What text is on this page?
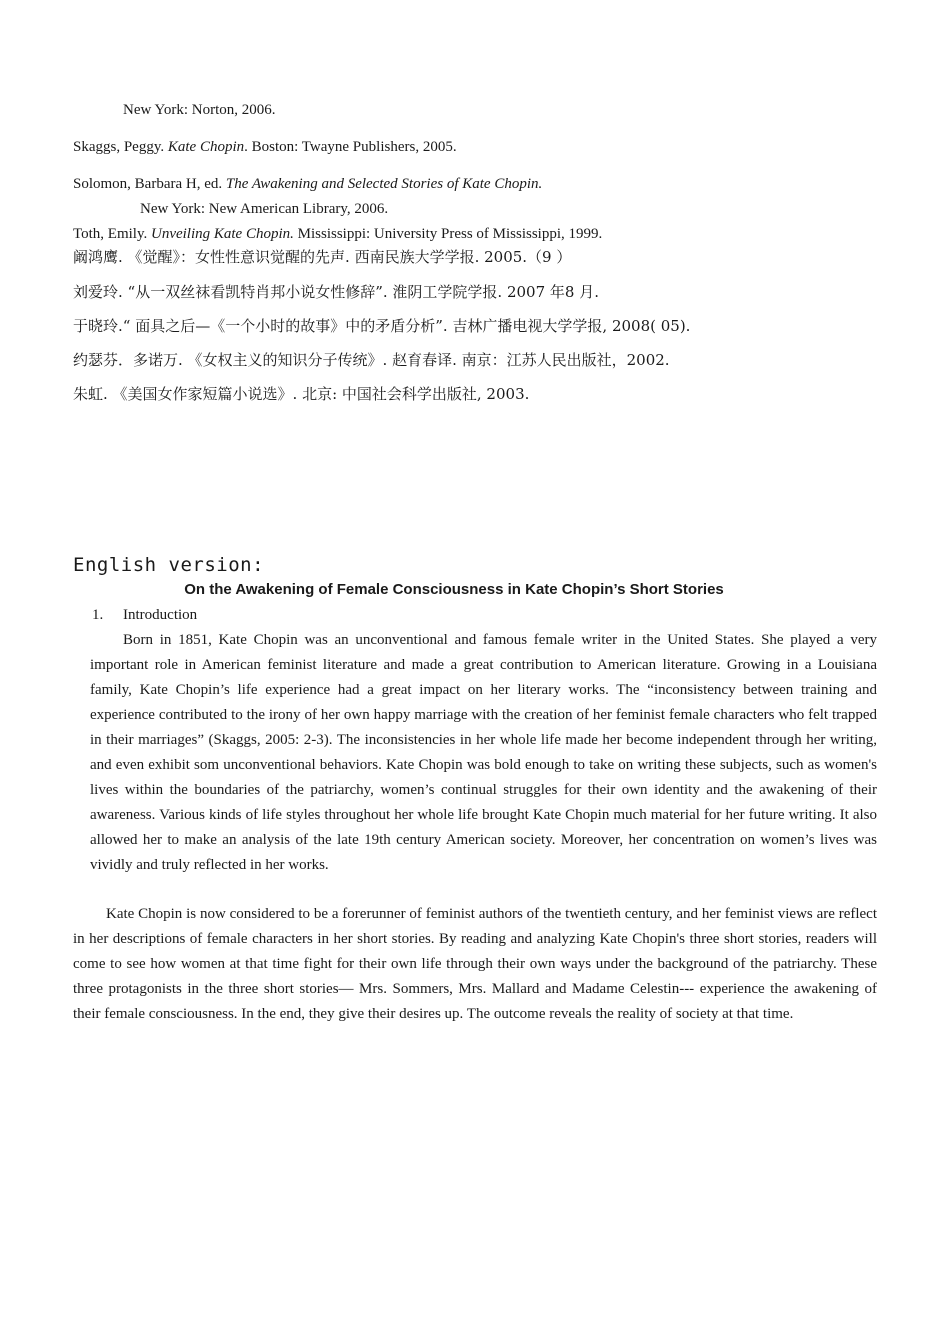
New York: Norton, 2006.
Skaggs, Peggy. Kate Chopin. Boston: Twayne Publishers, 2005.
Solomon, Barbara H, ed. The Awakening and Selected Stories of Kate Chopin.
New York: New American Library, 2006.
Toth, Emily. Unveiling Kate Chopin. Mississippi: University Press of Mississippi, 1999.
阚鸿鹰. 《觉醒》：女性性意识觉醒的先声. 西南民族大学学报. 2005.（9 ）
刘爱玲. “从一双丝袜看凯特肖邦小说女性修辞”. 淮阴工学院学报. 2007 年8 月.
于晓玲.“ 面具之后—《一个小时的故事》中的矛盾分析”. 吉林广播电视大学学报, 2008( 05).
约瑟芬．多诺万. 《女权主义的知识分子传统》. 赵育春译. 南京：江苏人民出版社，2002.
朱虹. 《美国女作家短篇小说选》. 北京: 中国社会科学出版社, 2003.
English version:
On the Awakening of Female Consciousness in Kate Chopin’s Short Stories
1. Introduction

Born in 1851, Kate Chopin was an unconventional and famous female writer in the United States. She played a very important role in American feminist literature and made a great contribution to American literature. Growing in a Louisiana family, Kate Chopin’s life experience had a great impact on her literary works. The “inconsistency between training and experience contributed to the irony of her own happy marriage with the creation of her feminist female characters who felt trapped in their marriages” (Skaggs, 2005: 2-3). The inconsistencies in her whole life made her become independent through her writing, and even exhibit som unconventional behaviors. Kate Chopin was bold enough to take on writing these subjects, such as women's lives within the boundaries of the patriarchy, women’s continual struggles for their own identity and the awakening of their awareness. Various kinds of life styles throughout her whole life brought Kate Chopin much material for her future writing. It also allowed her to make an analysis of the late 19th century American society. Moreover, her concentration on women’s lives was vividly and truly reflected in her works.

Kate Chopin is now considered to be a forerunner of feminist authors of the twentieth century, and her feminist views are reflect in her descriptions of female characters in her short stories. By reading and analyzing Kate Chopin's three short stories, readers will come to see how women at that time fight for their own life through their own ways under the background of the patriarchy. These three protagonists in the three short stories— Mrs. Sommers, Mrs. Mallard and Madame Celestin--- experience the awakening of their female consciousness. In the end, they give their desires up. The outcome reveals the reality of society at that time.
